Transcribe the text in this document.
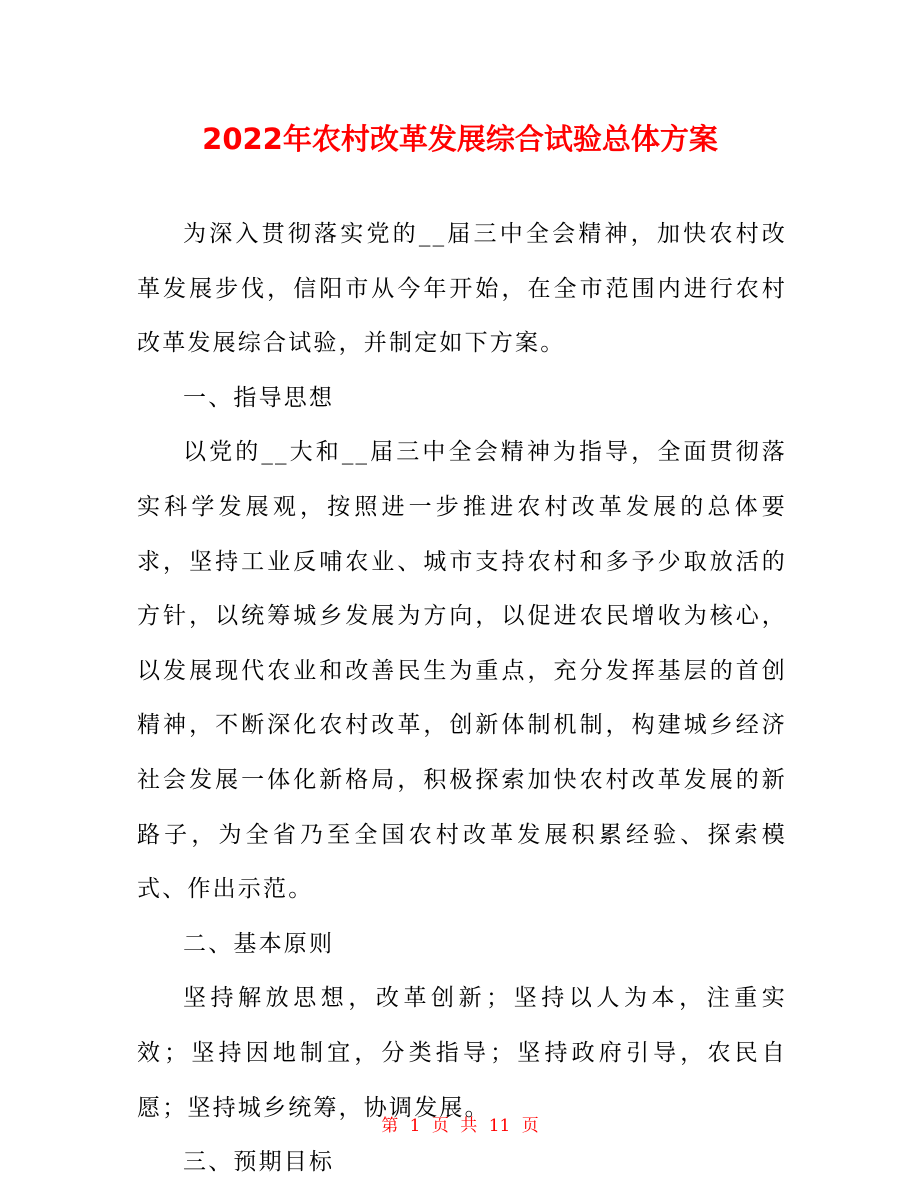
2022年农村改革发展综合试验总体方案

为深入贯彻落实党的__届三中全会精神，加快农村改革发展步伐，信阳市从今年开始，在全市范围内进行农村改革发展综合试验，并制定如下方案。

一、指导思想

以党的__大和__届三中全会精神为指导，全面贯彻落实科学发展观，按照进一步推进农村改革发展的总体要求，坚持工业反哺农业、城市支持农村和多予少取放活的方针，以统筹城乡发展为方向，以促进农民增收为核心，以发展现代农业和改善民生为重点，充分发挥基层的首创精神，不断深化农村改革，创新体制机制，构建城乡经济社会发展一体化新格局，积极探索加快农村改革发展的新路子，为全省乃至全国农村改革发展积累经验、探索模式、作出示范。

二、基本原则

坚持解放思想，改革创新；坚持以人为本，注重实效；坚持因地制宜，分类指导；坚持政府引导，农民自愿；坚持城乡统筹，协调发展。

三、预期目标

第 1 页 共 11 页
